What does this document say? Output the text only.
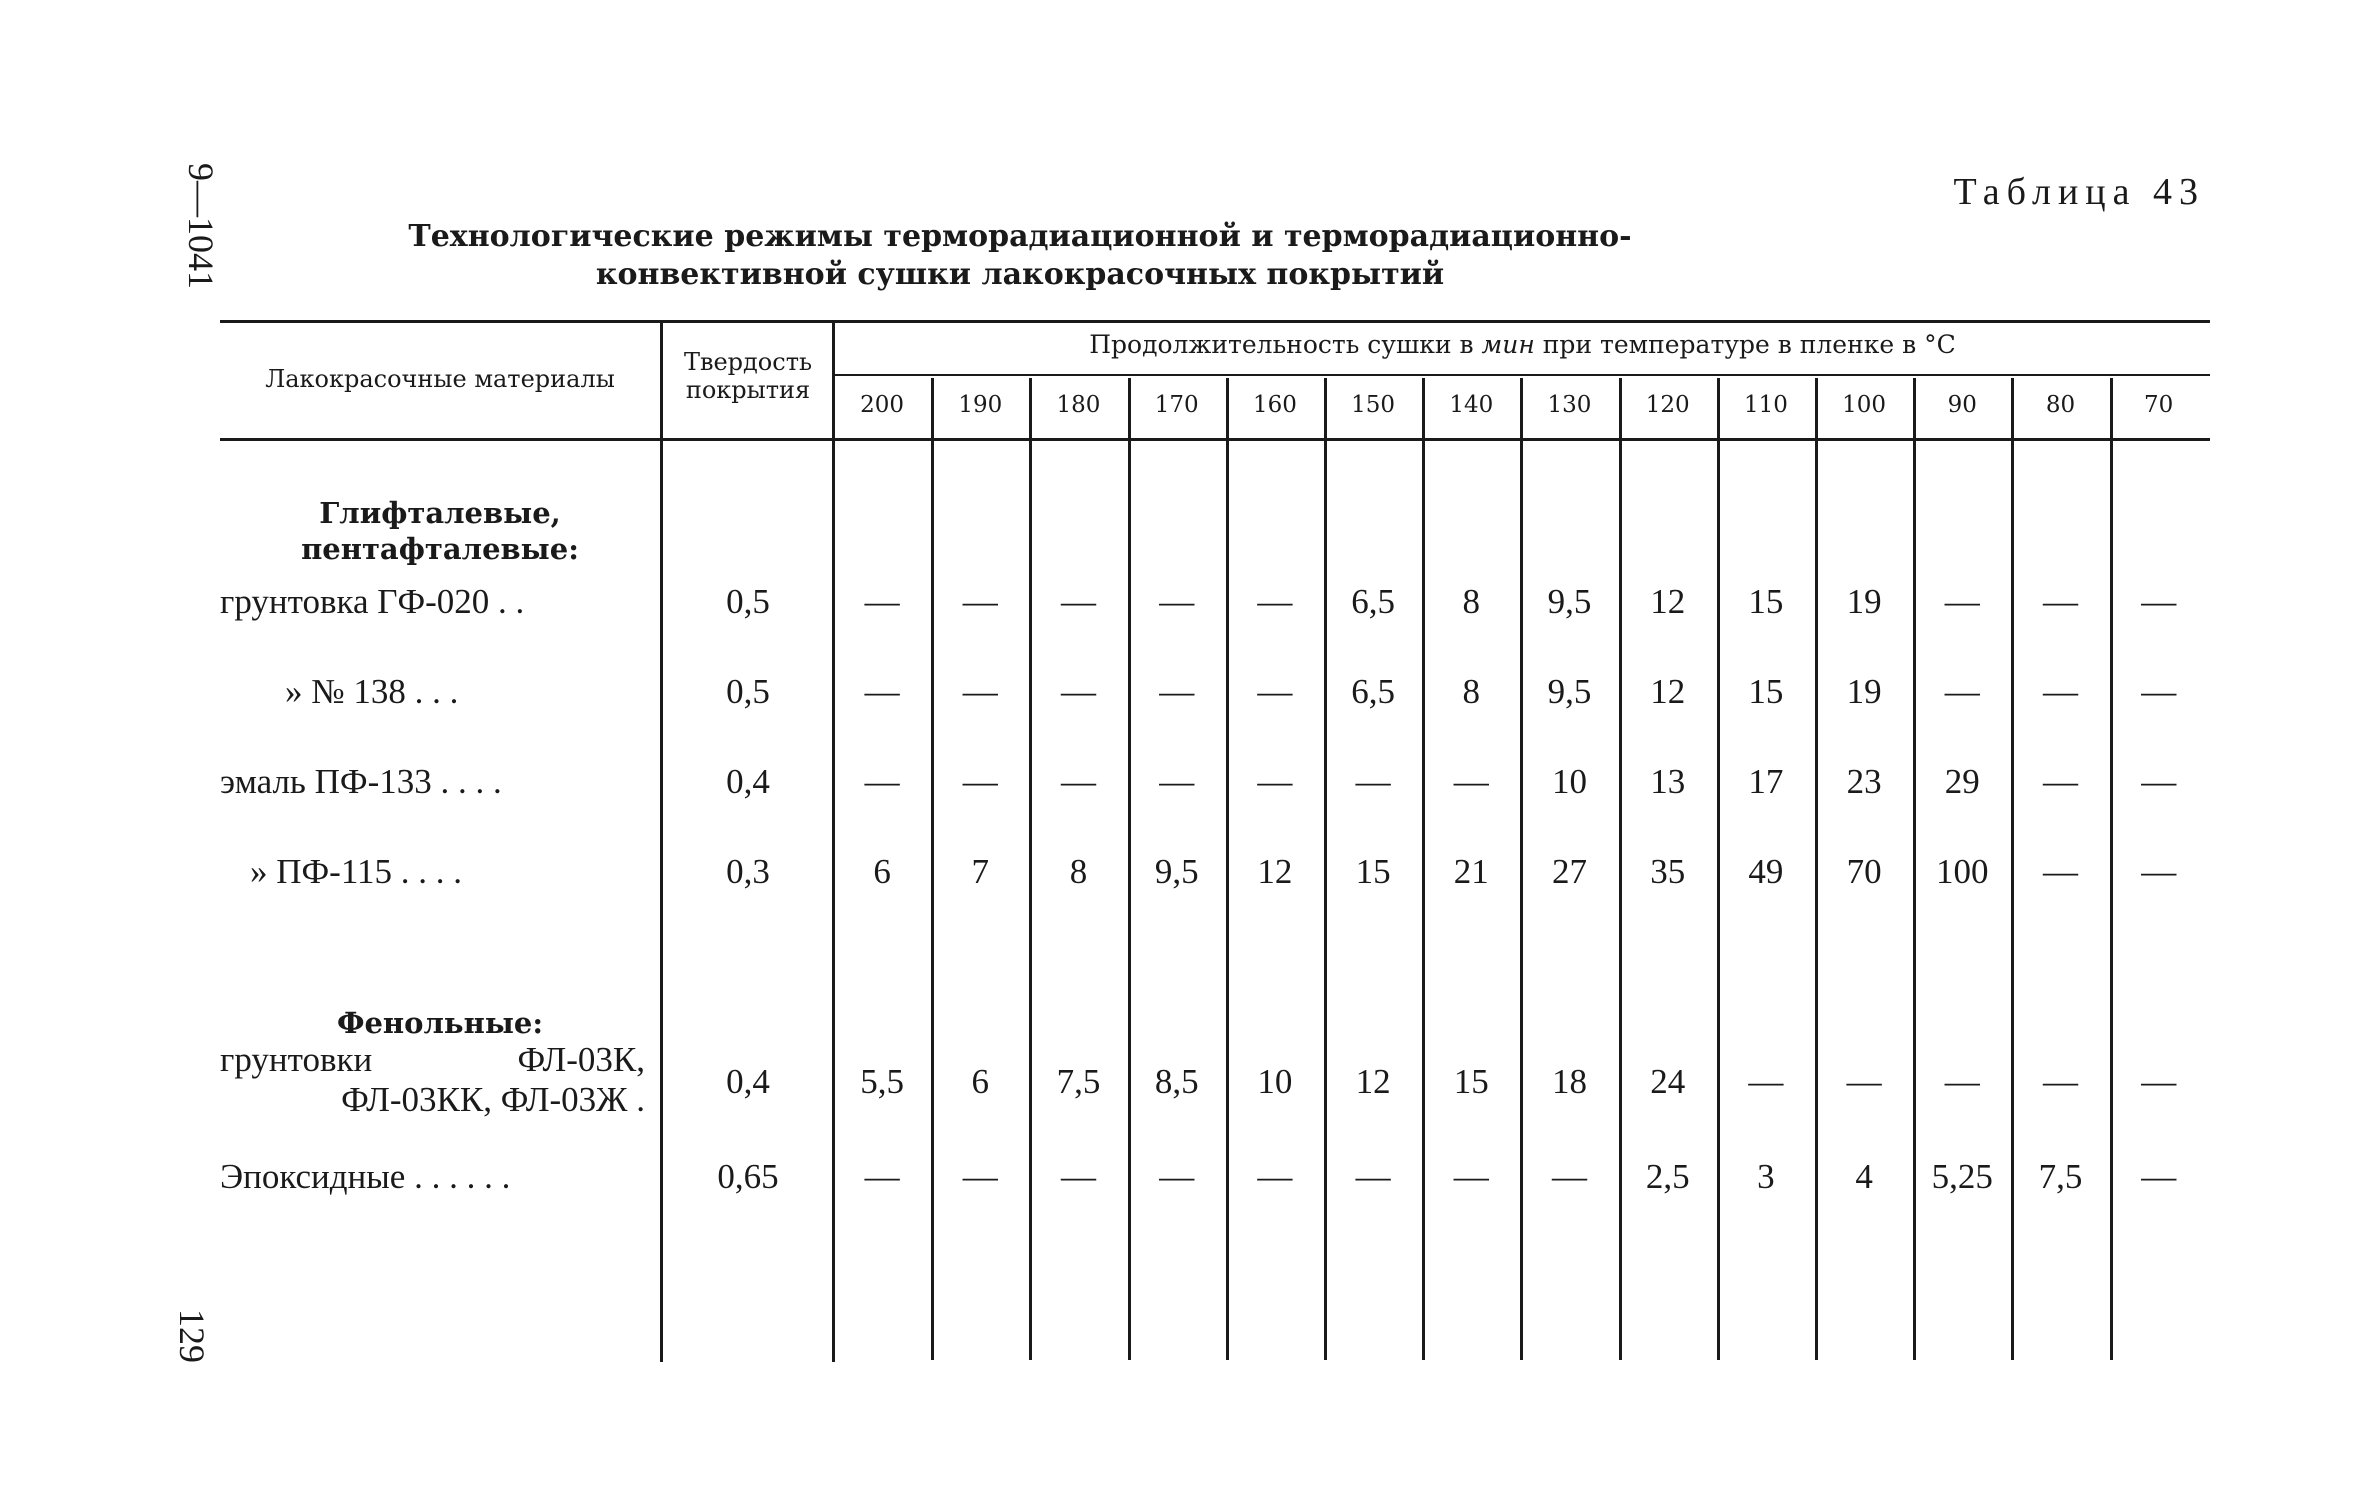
9—1041
129
Таблица 43
Технологические режимы терморадиационной и терморадиационно-
конвективной сушки лакокрасочных покрытий
Лакокрасочные материалы
Твердость покрытия
Продолжительность сушки в мин при температуре в пленке в °C
200	190	180	170	160	150	140	130	120	110	100	90	80	70
Глифталевые, пентафталевые:
Фенольные:
грунтовка ГФ-020 . .	0,5	—	—	—	—	—	6,5	8	9,5	12	15	19	—	—	—
» № 138 . . .	0,5	—	—	—	—	—	6,5	8	9,5	12	15	19	—	—	—
эмаль ПФ-133 . . . .	0,4	—	—	—	—	—	—	—	10	13	17	23	29	—	—
» ПФ-115 . . . .	0,3	6	7	8	9,5	12	15	21	27	35	49	70	100	—	—
грунтовки	ФЛ-03К,
ФЛ-03КК, ФЛ-03Ж .	0,4	5,5	6	7,5	8,5	10	12	15	18	24	—	—	—	—	—
Эпоксидные . . . . . .	0,65	—	—	—	—	—	—	—	—	2,5	3	4	5,25	7,5	—
